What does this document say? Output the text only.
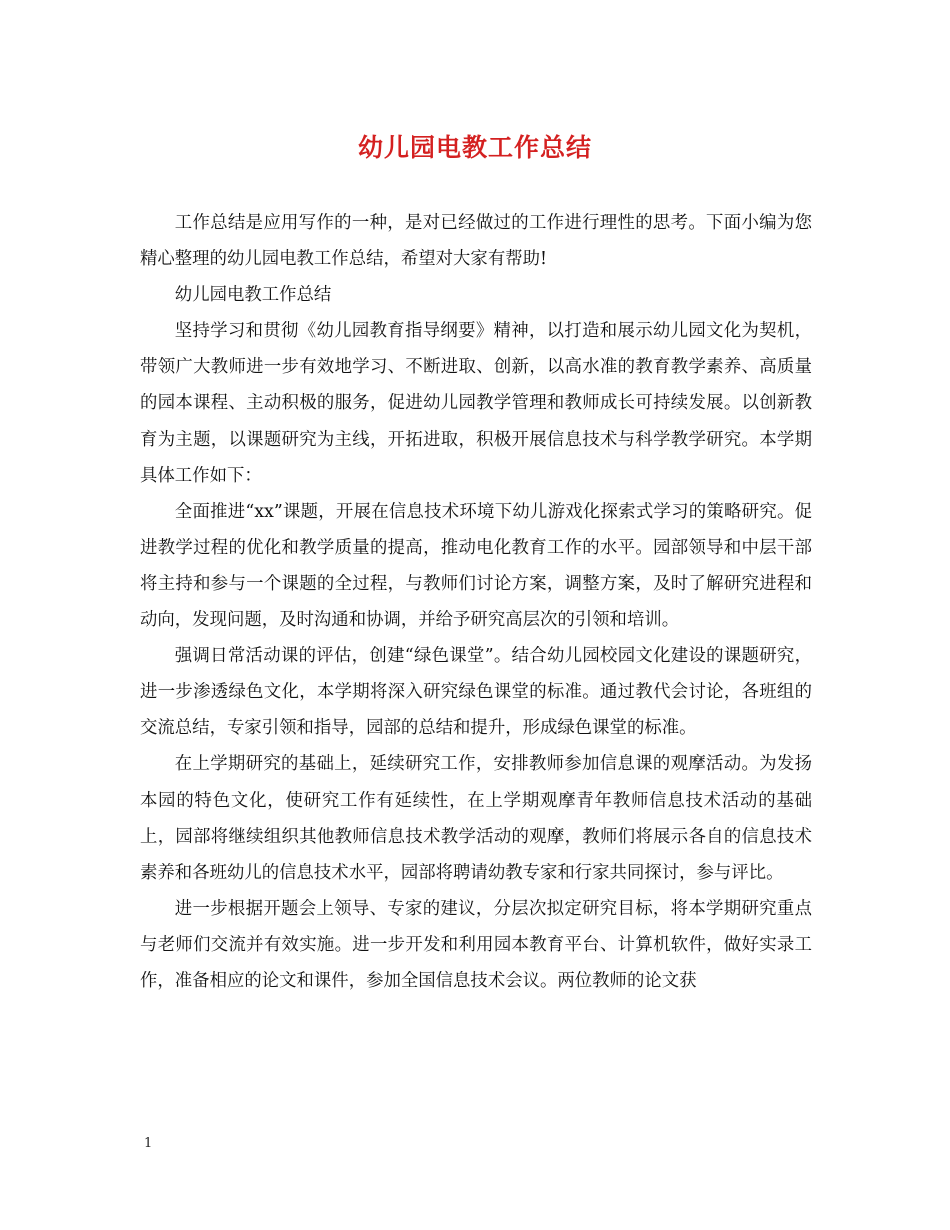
幼儿园电教工作总结

工作总结是应用写作的一种，是对已经做过的工作进行理性的思考。下面小编为您精心整理的幼儿园电教工作总结，希望对大家有帮助!

幼儿园电教工作总结

坚持学习和贯彻《幼儿园教育指导纲要》精神，以打造和展示幼儿园文化为契机，带领广大教师进一步有效地学习、不断进取、创新，以高水准的教育教学素养、高质量的园本课程、主动积极的服务，促进幼儿园教学管理和教师成长可持续发展。以创新教育为主题，以课题研究为主线，开拓进取，积极开展信息技术与科学教学研究。本学期具体工作如下：

全面推进“xx”课题，开展在信息技术环境下幼儿游戏化探索式学习的策略研究。促进教学过程的优化和教学质量的提高，推动电化教育工作的水平。园部领导和中层干部将主持和参与一个课题的全过程，与教师们讨论方案，调整方案，及时了解研究进程和动向，发现问题，及时沟通和协调，并给予研究高层次的引领和培训。

强调日常活动课的评估，创建“绿色课堂”。结合幼儿园校园文化建设的课题研究，进一步渗透绿色文化，本学期将深入研究绿色课堂的标准。通过教代会讨论，各班组的交流总结，专家引领和指导，园部的总结和提升，形成绿色课堂的标准。

在上学期研究的基础上，延续研究工作，安排教师参加信息课的观摩活动。为发扬本园的特色文化，使研究工作有延续性，在上学期观摩青年教师信息技术活动的基础上，园部将继续组织其他教师信息技术教学活动的观摩，教师们将展示各自的信息技术素养和各班幼儿的信息技术水平，园部将聘请幼教专家和行家共同探讨，参与评比。

进一步根据开题会上领导、专家的建议，分层次拟定研究目标，将本学期研究重点与老师们交流并有效实施。进一步开发和利用园本教育平台、计算机软件，做好实录工作，准备相应的论文和课件，参加全国信息技术会议。两位教师的论文获

1
